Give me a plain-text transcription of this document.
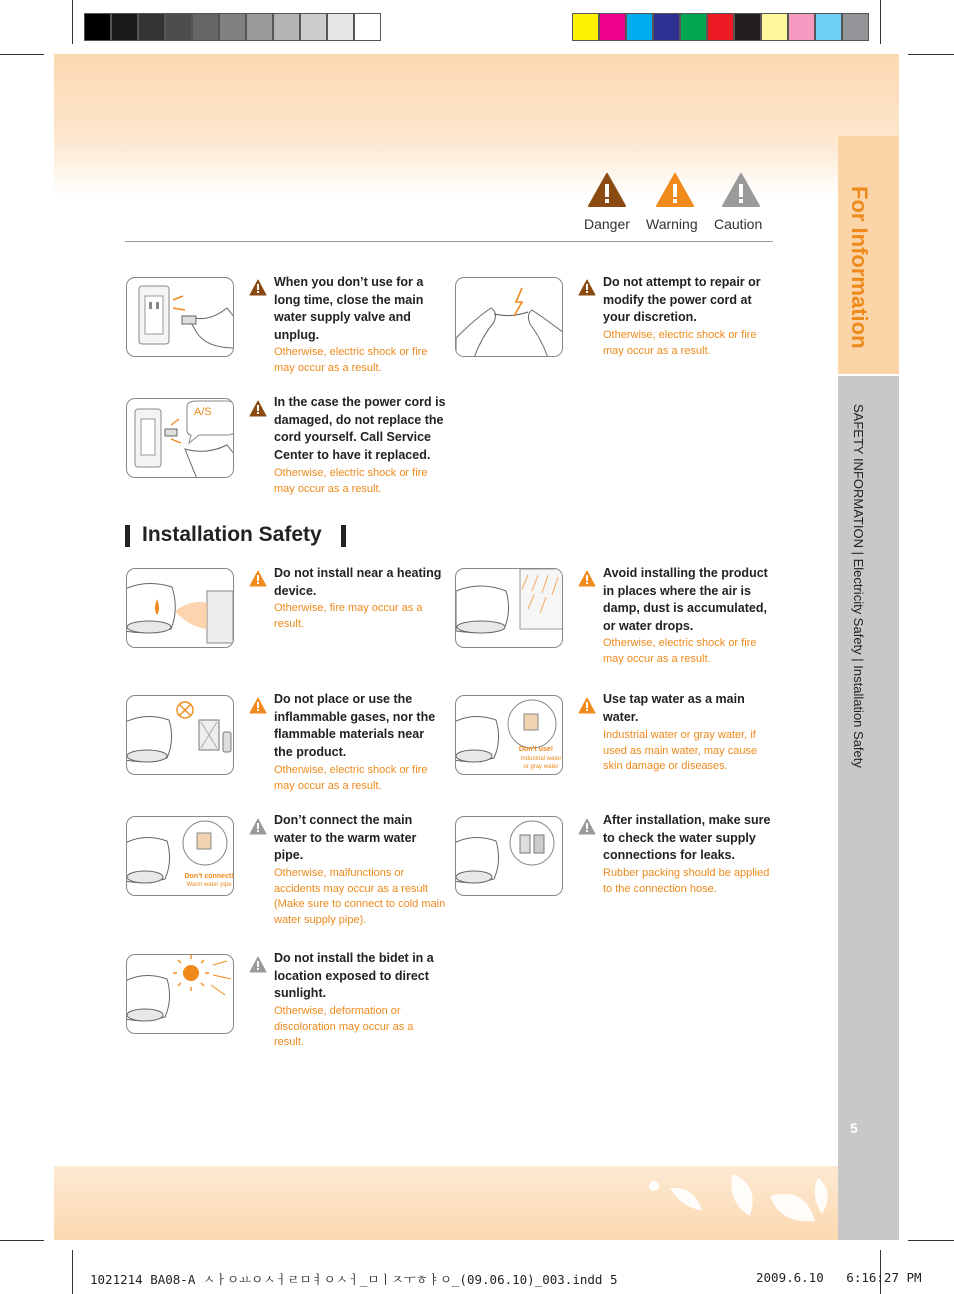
For Information
SAFETY INFORMATION | Electricity Safety | Installation Safety
5
Danger Warning Caution
When you don’t use for a long time, close the main water supply valve and unplug.
Otherwise, electric shock or fire may occur as a result.
Do not attempt to repair or modify the power cord at your discretion.
Otherwise, electric shock or fire may occur as a result.
A/S
In the case the power cord is damaged, do not replace the cord yourself. Call Service Center to have it replaced.
Otherwise, electric shock or fire may occur as a result.
Installation Safety
Do not install near a heating device.
Otherwise, fire may occur as a result.
Avoid installing the product in places where the air is damp, dust is accumulated, or water drops.
Otherwise, electric shock or fire may occur as a result.
Do not place or use the inflammable gases, nor the flammable materials near the product.
Otherwise, electric shock or fire may occur as a result.
Don’t use!
Industrial water or gray water
Use tap water as a main water.
Industrial water or gray water, if used as main water, may cause skin damage or diseases.
Don’t connect!
Warm water pipe
Don’t connect the main water to the warm water pipe.
Otherwise, malfunctions or accidents may occur as a result (Make sure to connect to cold main water supply pipe).
After installation, make sure to check the water supply connections for leaks.
Rubber packing should be applied to the connection hose.
Do not install the bidet in a location exposed to direct sunlight.
Otherwise, deformation or discoloration may occur as a result.
1021214 BA08-A ㅅㅏㅇㅛㅇㅅㅓㄹㅁㅕㅇㅅㅓ_ㅁㅣㅈㅜㅎㅑㅇ_(09.06.10)_003.indd 5	2009.6.10   6:16:27 PM
